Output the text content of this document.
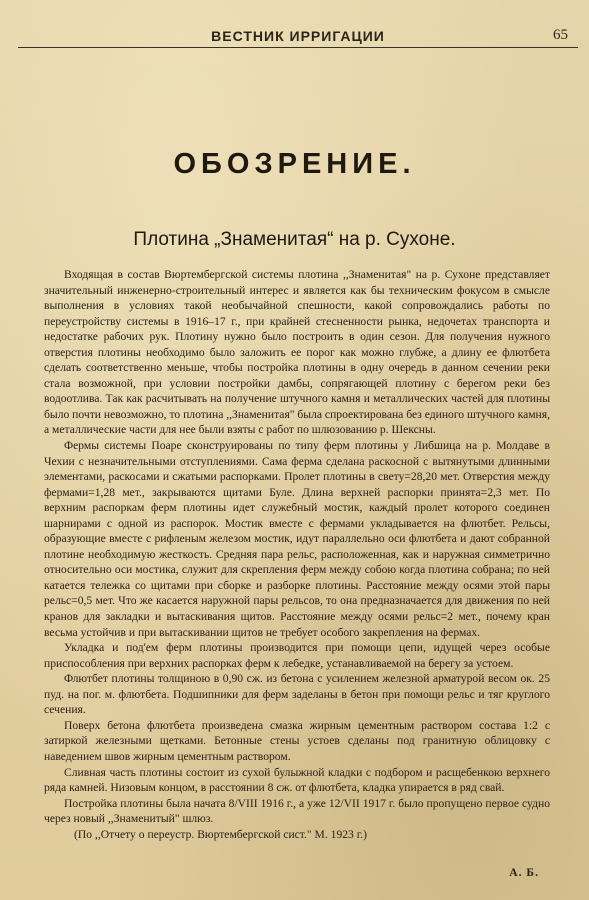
ВЕСТНИК ИРРИГАЦИИ	65
ОБОЗРЕНИЕ.
Плотина „Знаменитая“ на р. Сухоне.

Входящая в состав Вюртембергской системы плотина ,,Знаменитая" на р. Сухоне представляет значительный инженерно-строительный интерес и является как бы техническим фокусом в смысле выполнения в условиях такой необычайной спешности, какой сопровождались работы по переустройству системы в 1916–17 г., при крайней стесненности рынка, недочетах транспорта и недостатке рабочих рук. Плотину нужно было построить в один сезон. Для получения нужного отверстия плотины необходимо было заложить ее порог как можно глубже, а длину ее флютбета сделать соответственно меньше, чтобы постройка плотины в одну очередь в данном сечении реки стала возможной, при условии постройки дамбы, сопрягающей плотину с берегом реки без водоотлива. Так как расчитывать на получение штучного камня и металлических частей для плотины было почти невозможно, то плотина ,,Знаменитая" была спроектирована без единого штучного камня, а металлические части для нее были взяты с работ по шлюзованию р. Шексны.

Фермы системы Поаре сконструированы по типу ферм плотины у Либшица на р. Молдаве в Чехии с незначительными отступлениями. Сама ферма сделана раскосной с вытянутыми длинными элементами, раскосами и сжатыми распорками. Пролет плотины в свету=28,20 мет. Отверстия между фермами=1,28 мет., закрываются щитами Буле. Длина верхней распорки принята=2,3 мет. По верхним распоркам ферм плотины идет служебный мостик, каждый пролет которого соединен шарнирами с одной из распорок. Мостик вместе с фермами укладывается на флютбет. Рельсы, образующие вместе с рифленым железом мостик, идут параллельно оси флютбета и дают собранной плотине необходимую жесткость. Средняя пара рельс, расположенная, как и наружная симметрично относительно оси мостика, служит для скрепления ферм между собою когда плотина собрана; по ней катается тележка со щитами при сборке и разборке плотины. Расстояние между осями этой пары рельс=0,5 мет. Что же касается наружной пары рельсов, то она предназначается для движения по ней кранов для закладки и вытаскивания щитов. Расстояние между осями рельс=2 мет., почему кран весьма устойчив и при вытаскивании щитов не требует особого закрепления на фермах.

Укладка и под'ем ферм плотины производится при помощи цепи, идущей через особые приспособления при верхних распорках ферм к лебедке, устанавливаемой на берегу за устоем.

Флютбет плотины толщиною в 0,90 сж. из бетона с усилением железной арматурой весом ок. 25 пуд. на пог. м. флютбета. Подшипники для ферм заделаны в бетон при помощи рельс и тяг круглого сечения.

Поверх бетона флютбета произведена смазка жирным цементным раствором состава 1:2 с затиркой железными щетками. Бетонные стены устоев сделаны под гранитную облицовку с наведением швов жирным цементным раствором.

Сливная часть плотины состоит из сухой булыжной кладки с подбором и расщебенкою верхнего ряда камней. Низовым концом, в расстоянии 8 сж. от флютбета, кладка упирается в ряд свай.

Постройка плотины была начата 8/VIII 1916 г., а уже 12/VII 1917 г. было пропущено первое судно через новый ,,Знаменитый" шлюз.

(По ,,Отчету о переустр. Вюртембергской сист." М. 1923 г.)

А. Б.
